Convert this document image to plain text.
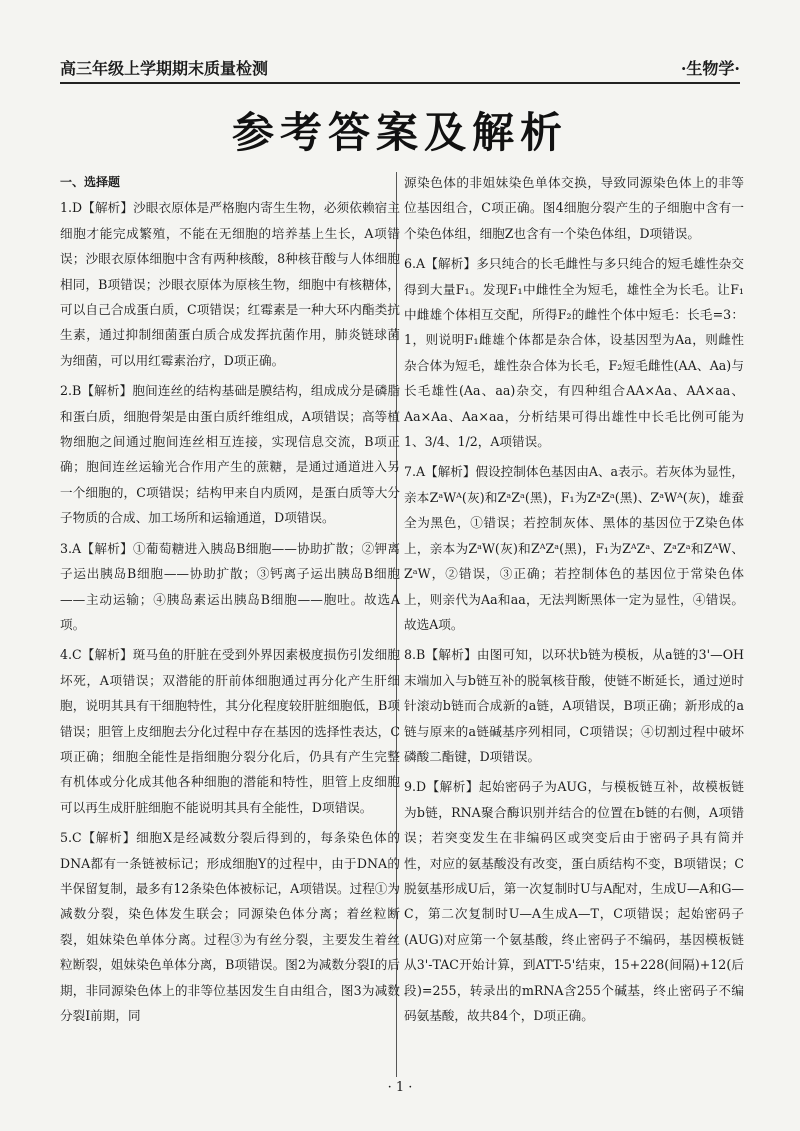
高三年级上学期期末质量检测	·生物学·
参考答案及解析

一、选择题

1.D【解析】沙眼衣原体是严格胞内寄生生物，必须依赖宿主细胞才能完成繁殖，不能在无细胞的培养基上生长，A项错误；沙眼衣原体细胞中含有两种核酸，8种核苷酸与人体细胞相同，B项错误；沙眼衣原体为原核生物，细胞中有核糖体，可以自己合成蛋白质，C项错误；红霉素是一种大环内酯类抗生素，通过抑制细菌蛋白质合成发挥抗菌作用，肺炎链球菌为细菌，可以用红霉素治疗，D项正确。

2.B【解析】胞间连丝的结构基础是膜结构，组成成分是磷脂和蛋白质，细胞骨架是由蛋白质纤维组成，A项错误；高等植物细胞之间通过胞间连丝相互连接，实现信息交流，B项正确；胞间连丝运输光合作用产生的蔗糖，是通过通道进入另一个细胞的，C项错误；结构甲来自内质网，是蛋白质等大分子物质的合成、加工场所和运输通道，D项错误。

3.A【解析】①葡萄糖进入胰岛B细胞——协助扩散；②钾离子运出胰岛B细胞——协助扩散；③钙离子运出胰岛B细胞——主动运输；④胰岛素运出胰岛B细胞——胞吐。故选A项。

4.C【解析】斑马鱼的肝脏在受到外界因素极度损伤引发细胞坏死，A项错误；双潜能的肝前体细胞通过再分化产生肝细胞，说明其具有干细胞特性，其分化程度较肝脏细胞低，B项错误；胆管上皮细胞去分化过程中存在基因的选择性表达，C项正确；细胞全能性是指细胞分裂分化后，仍具有产生完整有机体或分化成其他各种细胞的潜能和特性，胆管上皮细胞可以再生成肝脏细胞不能说明其具有全能性，D项错误。

5.C【解析】细胞X是经减数分裂后得到的，每条染色体的DNA都有一条链被标记；形成细胞Y的过程中，由于DNA的半保留复制，最多有12条染色体被标记，A项错误。过程①为减数分裂，染色体发生联会；同源染色体分离；着丝粒断裂，姐妹染色单体分离。过程③为有丝分裂，主要发生着丝粒断裂，姐妹染色单体分离，B项错误。图2为减数分裂Ⅰ的后期，非同源染色体上的非等位基因发生自由组合，图3为减数分裂Ⅰ前期，同

源染色体的非姐妹染色单体交换，导致同源染色体上的非等位基因组合，C项正确。图4细胞分裂产生的子细胞中含有一个染色体组，细胞Z也含有一个染色体组，D项错误。

6.A【解析】多只纯合的长毛雌性与多只纯合的短毛雄性杂交得到大量F₁。发现F₁中雌性全为短毛，雄性全为长毛。让F₁中雌雄个体相互交配，所得F₂的雌性个体中短毛：长毛=3：1，则说明F₁雌雄个体都是杂合体，设基因型为Aa，则雌性杂合体为短毛，雄性杂合体为长毛，F₂短毛雌性(AA、Aa)与长毛雄性(Aa、aa)杂交，有四种组合AA×Aa、AA×aa、Aa×Aa、Aa×aa，分析结果可得出雄性中长毛比例可能为1、3/4、1/2，A项错误。

7.A【解析】假设控制体色基因由A、a表示。若灰体为显性，亲本ZᵃWᴬ(灰)和ZᵃZᵃ(黑)，F₁为ZᵃZᵃ(黑)、ZᵃWᴬ(灰)，雄蚕全为黑色，①错误；若控制灰体、黑体的基因位于Z染色体上，亲本为ZᵃW(灰)和ZᴬZᵃ(黑)，F₁为ZᴬZᵃ、ZᵃZᵃ和ZᴬW、ZᵃW，②错误，③正确；若控制体色的基因位于常染色体上，则亲代为Aa和aa，无法判断黑体一定为显性，④错误。故选A项。

8.B【解析】由图可知，以环状b链为模板，从a链的3'—OH末端加入与b链互补的脱氧核苷酸，使链不断延长，通过逆时针滚动b链而合成新的a链，A项错误，B项正确；新形成的a链与原来的a链碱基序列相同，C项错误；④切割过程中破坏磷酸二酯键，D项错误。

9.D【解析】起始密码子为AUG，与模板链互补，故模板链为b链，RNA聚合酶识别并结合的位置在b链的右侧，A项错误；若突变发生在非编码区或突变后由于密码子具有简并性，对应的氨基酸没有改变，蛋白质结构不变，B项错误；C脱氨基形成U后，第一次复制时U与A配对，生成U—A和G—C，第二次复制时U—A生成A—T，C项错误；起始密码子(AUG)对应第一个氨基酸，终止密码子不编码，基因模板链从3'-TAC开始计算，到ATT-5'结束，15+228(间隔)+12(后段)=255，转录出的mRNA含255个碱基，终止密码子不编码氨基酸，故共84个，D项正确。

· 1 ·
